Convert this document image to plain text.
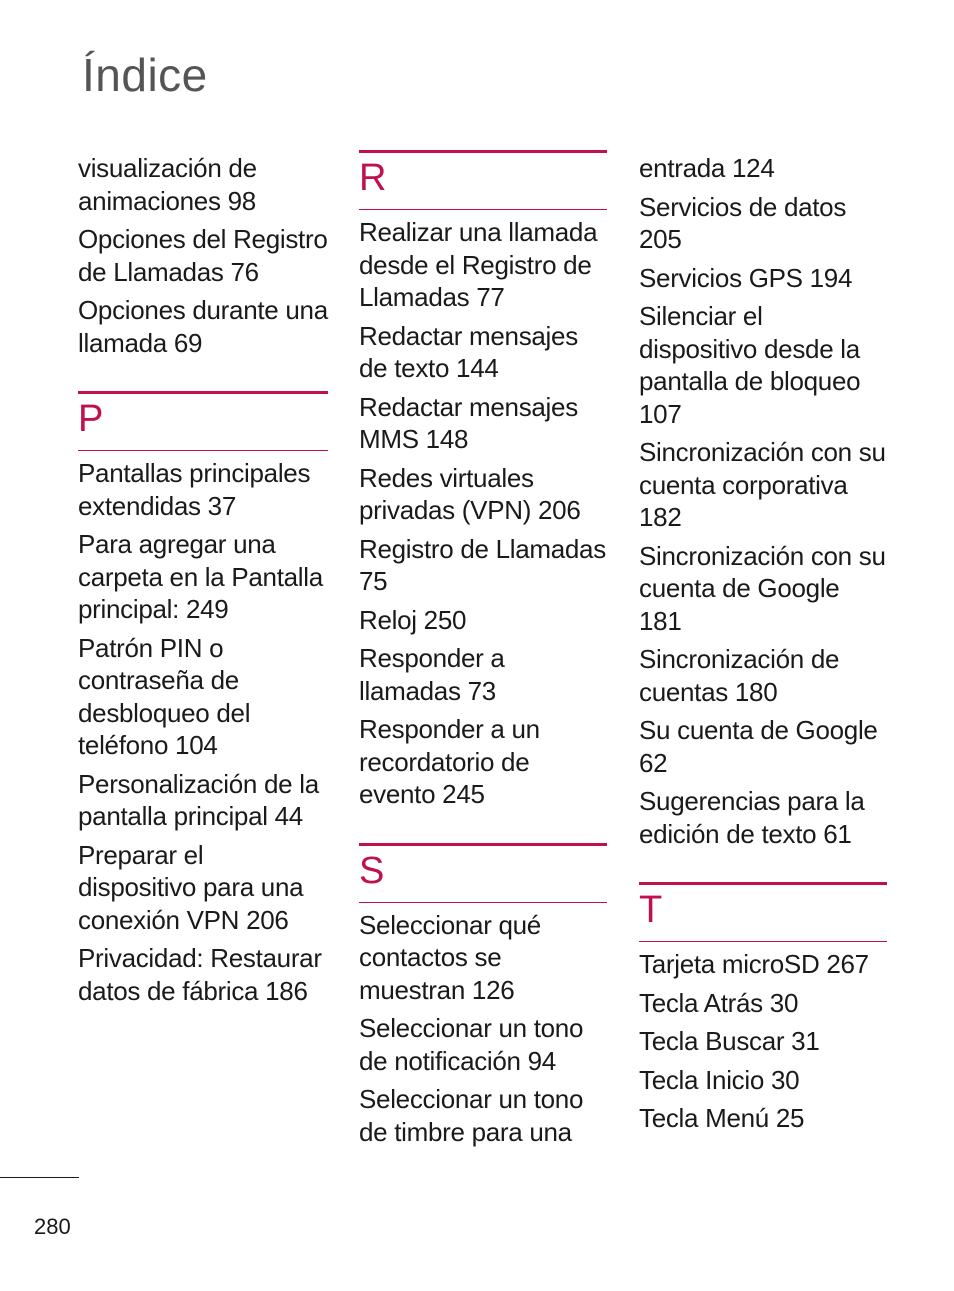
Índice

visualización de animaciones 98

Opciones del Registro de Llamadas 76

Opciones durante una llamada 69

P

Pantallas principales extendidas 37

Para agregar una carpeta en la Pantalla principal: 249

Patrón PIN o contraseña de desbloqueo del teléfono 104

Personalización de la pantalla principal 44

Preparar el dispositivo para una conexión VPN 206

Privacidad: Restaurar datos de fábrica 186

R

Realizar una llamada desde el Registro de Llamadas 77

Redactar mensajes de texto 144

Redactar mensajes MMS 148

Redes virtuales privadas (VPN) 206

Registro de Llamadas 75

Reloj 250

Responder a llamadas 73

Responder a un recordatorio de evento 245

S

Seleccionar qué contactos se muestran 126

Seleccionar un tono de notificación 94

Seleccionar un tono de timbre para una

entrada 124

Servicios de datos 205

Servicios GPS 194

Silenciar el dispositivo desde la pantalla de bloqueo 107

Sincronización con su cuenta corporativa 182

Sincronización con su cuenta de Google 181

Sincronización de cuentas 180

Su cuenta de Google 62

Sugerencias para la edición de texto 61

T

Tarjeta microSD 267

Tecla Atrás 30

Tecla Buscar 31

Tecla Inicio 30

Tecla Menú 25

280
